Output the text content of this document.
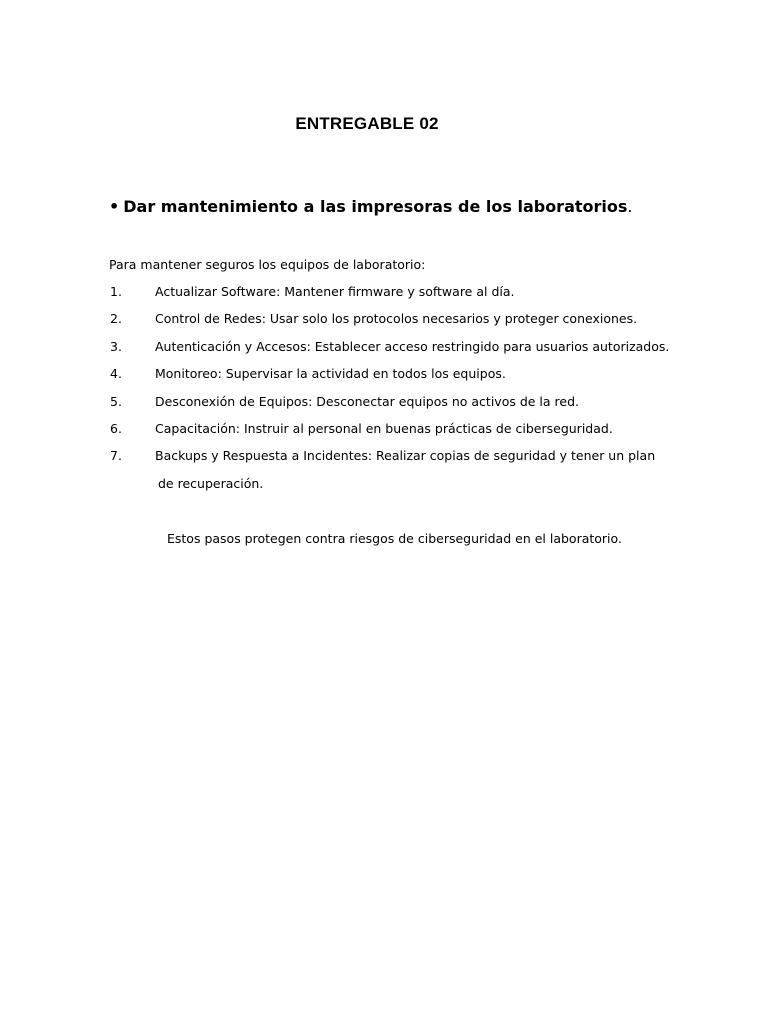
ENTREGABLE 02
• Dar mantenimiento a las impresoras de los laboratorios.
Para mantener seguros los equipos de laboratorio:
1.	Actualizar Software: Mantener firmware y software al día.
2.	Control de Redes: Usar solo los protocolos necesarios y proteger conexiones.
3.	Autenticación y Accesos: Establecer acceso restringido para usuarios autorizados.
4.	Monitoreo: Supervisar la actividad en todos los equipos.
5.	Desconexión de Equipos: Desconectar equipos no activos de la red.
6.	Capacitación: Instruir al personal en buenas prácticas de ciberseguridad.
7.	Backups y Respuesta a Incidentes: Realizar copias de seguridad y tener un plan
de recuperación.
Estos pasos protegen contra riesgos de ciberseguridad en el laboratorio.
